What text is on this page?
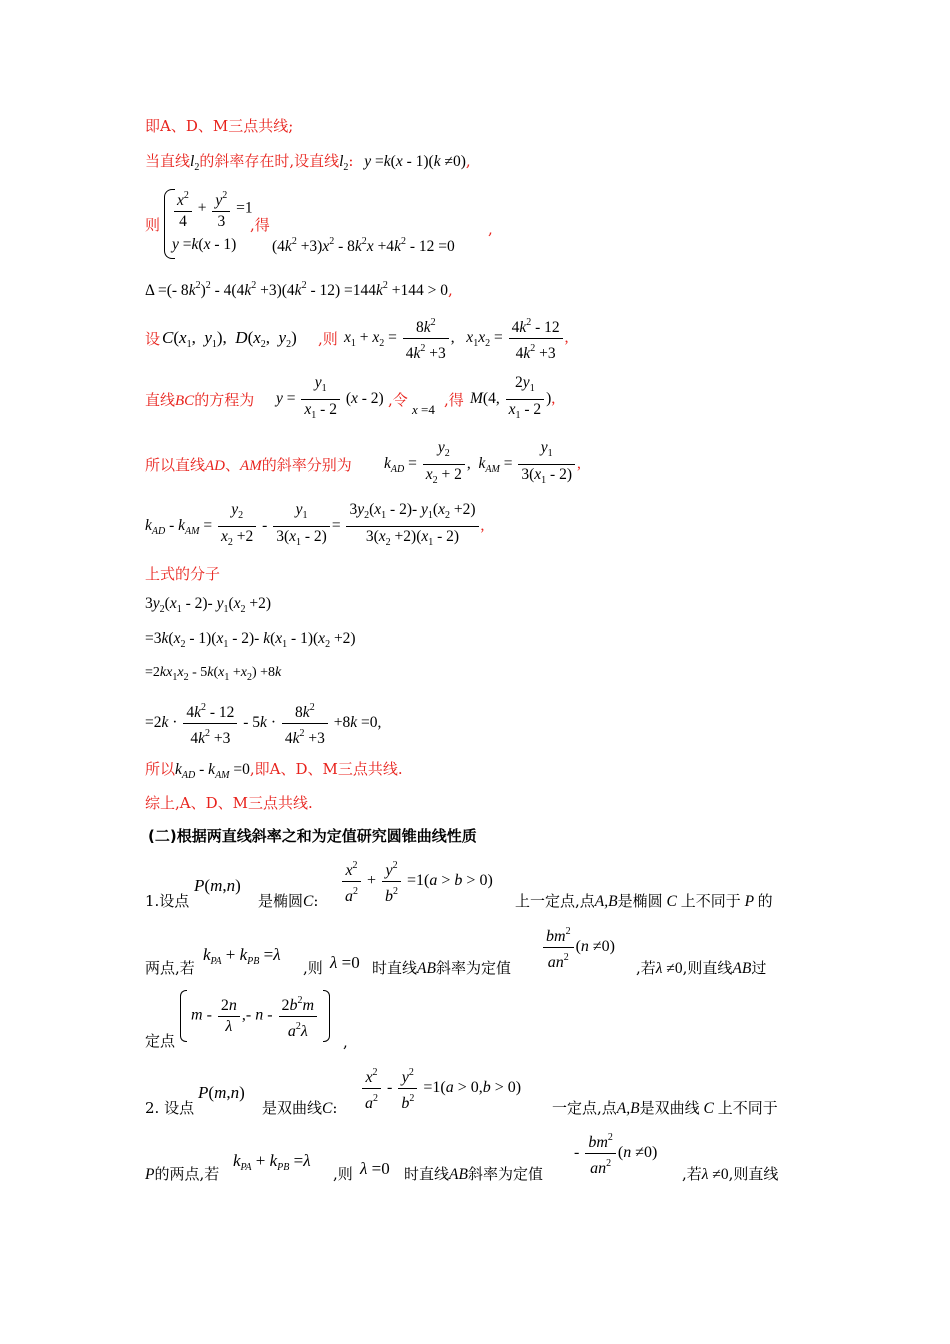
即A、D、M三点共线;
当直线$l_2$的斜率存在时,设直线$l_2$: y =k(x - 1)(k ≠0),
则 $\frac{x^2}{4} + \frac{y^2}{3} =1$
,得
y =k(x - 1) $(4k^2 +3)x^2 - 8k^2x +4k^2 - 12 =0$
,
Δ =(- $8k^2)^2 - 4(4k^2 +3)(4k^2 - 12) =144k^2 +144 > 0$,
设 $C(x_1$,  $y_1$),  $D(x_2$,  $y_2$) ,则 $x_1 + x_2 = \frac{8k^2}{4k^2 +3}$ ,   $x_1x_2 = \frac{4k^2 - 12}{4k^2 +3}$ ,
直线BC的方程为 $y = \frac{y_1}{x_1 - 2} (x - 2)$ ,令
x =4
,得 M(4, $\frac{2y_1}{x_1 - 2}$ ),
所以直线AD、AM的斜率分别为 $k_{AD} = \frac{y_2}{x_2 + 2}$ ,  $k_{AM} = \frac{y_1}{3(x_1 - 2)}$ ,
$k_{AD} - k_{AM} = \frac{y_2}{x_2 +2} - \frac{y_1}{3(x_1 - 2)} = \frac{3y_2(x_1 - 2)- y_1(x_2 +2)}{3(x_2 +2)(x_1 - 2)}$ ,
上式的分子
$3y_2(x_1 - 2)-$ $y_1(x_2 +2)$
$=3k(x_2 - 1)(x_1 - 2)-$ $k(x_1 - 1)(x_2 +2)$
$=2kx_1x_2 - 5k(x_1 +x_2) +8k$
$=2k \cdot \frac{4k^2 - 12}{4k^2 +3} - 5k \cdot \frac{8k^2}{4k^2 +3} +8k =0$,
所以$k_{AD} - k_{AM} =0$,即A、D、M三点共线.
综上,A、D、M三点共线.
(二)根据两直线斜率之和为定值研究圆锥曲线性质
1.设点
P(m,n)
是椭圆C: $\frac{x^2}{a^2} + \frac{y^2}{b^2} =1(a > b > 0)$
上一定点,点A,B是椭圆 C 上不同于 P 的
两点,若
$k_{PA} + k_{PB} =\lambda$
,则 λ =0 时直线AB斜率为定值 $\frac{bm^2}{an^2} (n \ne 0)$
,若λ ≠0,则直线AB过
定点
m - $\frac{2n}{\lambda}$ ,- n - $\frac{2b^2m}{a^2\lambda}$

,
2. 设点
P(m,n)
是双曲线C: $\frac{x^2}{a^2} - \frac{y^2}{b^2} =1(a > 0,b > 0)$
一定点,点A,B是双曲线 C 上不同于
P的两点,若
$k_{PA} + k_{PB} =\lambda$
,则 λ =0 时直线AB斜率为定值
- $\frac{bm^2}{an^2} (n \ne 0)$
,若λ ≠0,则直线
